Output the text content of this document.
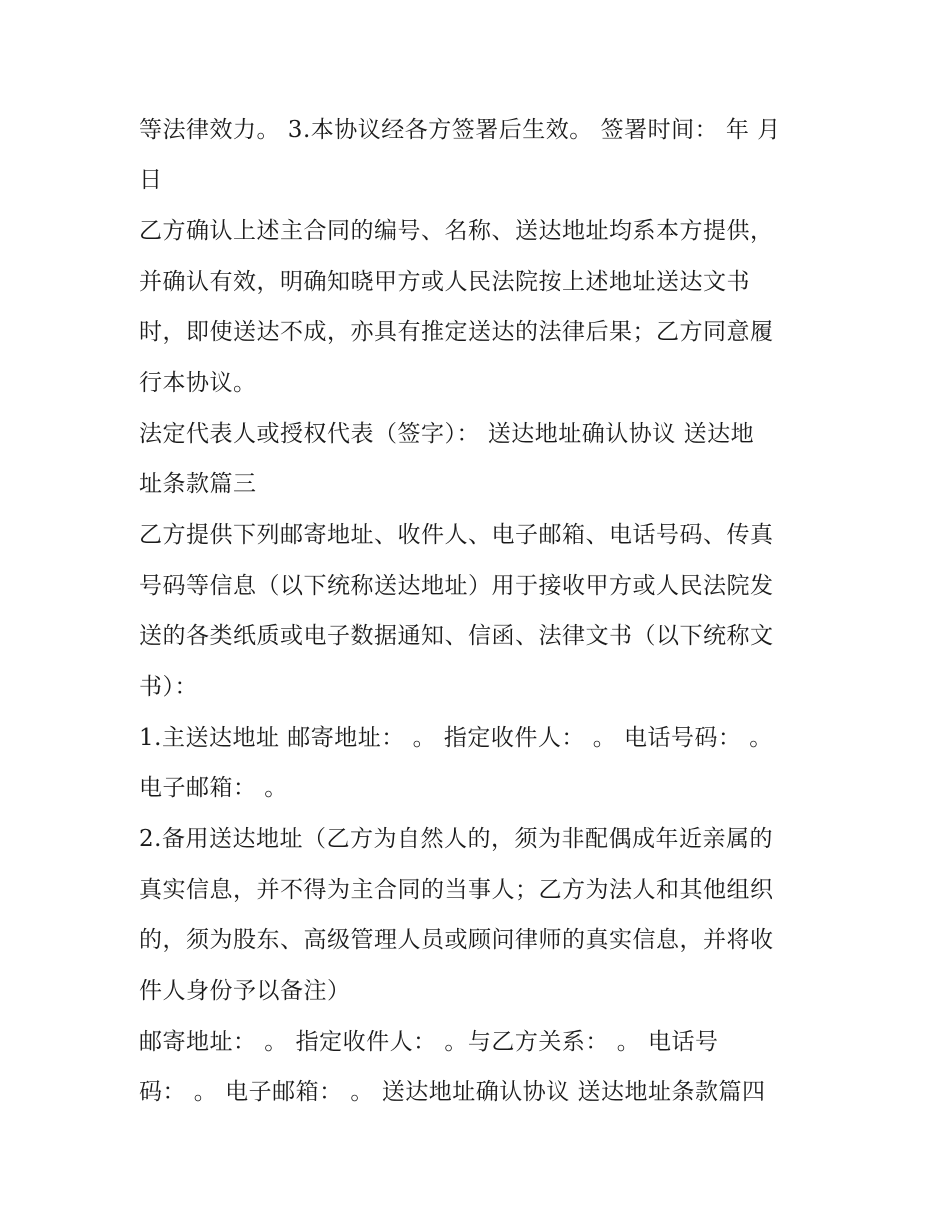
等法律效力。 3.本协议经各方签署后生效。 签署时间： 年 月
日
乙方确认上述主合同的编号、名称、送达地址均系本方提供，
并确认有效，明确知晓甲方或人民法院按上述地址送达文书
时，即使送达不成，亦具有推定送达的法律后果；乙方同意履
行本协议。
法定代表人或授权代表（签字）： 送达地址确认协议 送达地
址条款篇三
乙方提供下列邮寄地址、收件人、电子邮箱、电话号码、传真
号码等信息（以下统称送达地址）用于接收甲方或人民法院发
送的各类纸质或电子数据通知、信函、法律文书（以下统称文
书）：
1.主送达地址 邮寄地址： 。 指定收件人： 。 电话号码： 。
电子邮箱： 。
2.备用送达地址（乙方为自然人的，须为非配偶成年近亲属的
真实信息，并不得为主合同的当事人；乙方为法人和其他组织
的，须为股东、高级管理人员或顾问律师的真实信息，并将收
件人身份予以备注）
邮寄地址： 。 指定收件人： 。与乙方关系： 。 电话号
码： 。 电子邮箱： 。 送达地址确认协议 送达地址条款篇四
